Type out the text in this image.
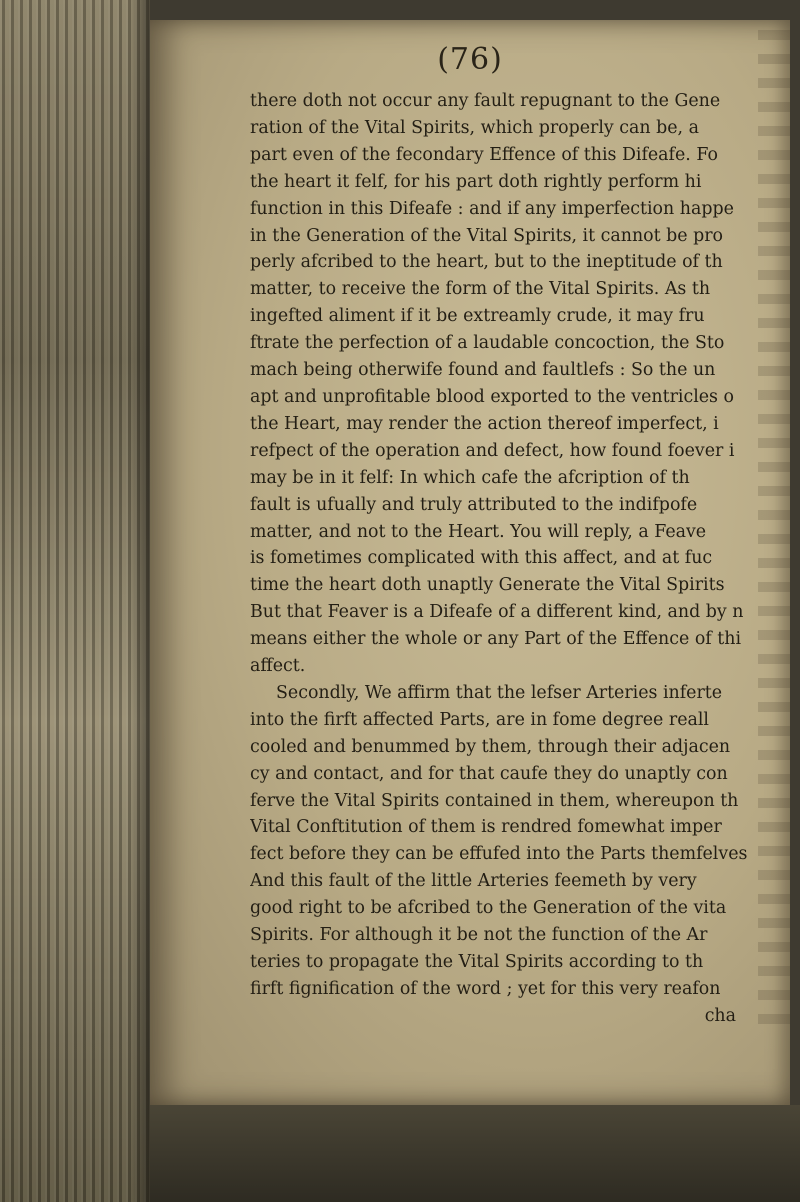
(76)
there doth not occur any fault repugnant to the Gene
ration of the Vital Spirits, which properly can be, a
part even of the fecondary Effence of this Difeafe. Fo
the heart it felf, for his part doth rightly perform hi
function in this Difeafe : and if any imperfection happe
in the Generation of the Vital Spirits, it cannot be pro
perly afcribed to the heart, but to the ineptitude of th
matter, to receive the form of the Vital Spirits. As th
ingefted aliment if it be extreamly crude, it may fru
ftrate the perfection of a laudable concoction, the Sto
mach being otherwife found and faultlefs : So the un
apt and unprofitable blood exported to the ventricles o
the Heart, may render the action thereof imperfect, i
refpect of the operation and defect, how found foever i
may be in it felf: In which cafe the afcription of th
fault is ufually and truly attributed to the indifpofe
matter, and not to the Heart. You will reply, a Feave
is fometimes complicated with this affect, and at fuc
time the heart doth unaptly Generate the Vital Spirits
But that Feaver is a Difeafe of a different kind, and by n
means either the whole or any Part of the Effence of thi
affect.
Secondly, We affirm that the lefser Arteries inferte
into the firft affected Parts, are in fome degree reall
cooled and benummed by them, through their adjacen
cy and contact, and for that caufe they do unaptly con
ferve the Vital Spirits contained in them, whereupon th
Vital Conftitution of them is rendred fomewhat imper
fect before they can be effufed into the Parts themfelves
And this fault of the little Arteries feemeth by very
good right to be afcribed to the Generation of the vita
Spirits. For although it be not the function of the Ar
teries to propagate the Vital Spirits according to th
firft fignification of the word ; yet for this very reafon
cha
